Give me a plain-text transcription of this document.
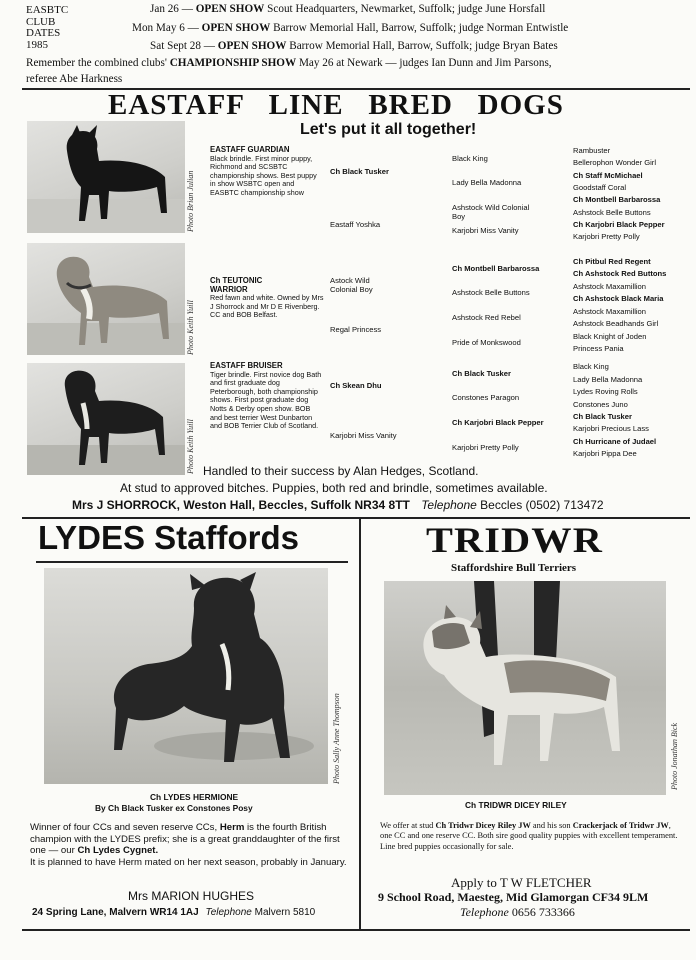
EASBTC
CLUB
DATES
1985
Jan 26 — OPEN SHOW Scout Headquarters, Newmarket, Suffolk; judge June Horsfall
Mon May 6 — OPEN SHOW Barrow Memorial Hall, Barrow, Suffolk; judge Norman Entwistle
Sat Sept 28 — OPEN SHOW Barrow Memorial Hall, Barrow, Suffolk; judge Bryan Bates
Remember the combined clubs' CHAMPIONSHIP SHOW May 26 at Newark — judges Ian Dunn and Jim Parsons,
referee Abe Harkness
EASTAFF   LINE   BRED   DOGS
Let's put it all together!
Photo Brian Julian
EASTAFF GUARDIAN
Black brindle. First minor puppy, Richmond and SCSBTC championship shows. Best puppy in show WSBTC open and EASBTC championship show
Ch Black Tusker
Eastaff Yoshka
Black King
Lady Bella Madonna
Ashstock Wild Colonial Boy
Karjobri Miss Vanity
Rambuster
Bellerophon Wonder Girl
Ch Staff McMichael
Goodstaff Coral
Ch Montbell Barbarossa
Ashstock Belle Buttons
Ch Karjobri Black Pepper
Karjobri Pretty Polly
Photo Keith Yuill
Ch TEUTONIC WARRIOR
Red fawn and white. Owned by Mrs J Shorrock and Mr D E Rivenberg. CC and BOB Belfast.
Astock Wild Colonial Boy
Regal Princess
Ch Montbell Barbarossa
Ashstock Belle Buttons
Ashstock Red Rebel
Pride of Monkswood
Ch Pitbul Red Regent
Ch Ashstock Red Buttons
Ashstock Maxamillion
Ch Ashstock Black Maria
Ashstock Maxamillion
Ashstock Beadhands Girl
Black Knight of Joden
Princess Pania
Photo Keith Yuill
EASTAFF BRUISER
Tiger brindle. First novice dog Bath and first graduate dog Peterborough, both championship shows. First post graduate dog Notts & Derby open show. BOB and best terrier West Dunbarton and BOB Terrier Club of Scotland.
Ch Skean Dhu
Karjobri Miss Vanity
Ch Black Tusker
Constones Paragon
Ch Karjobri Black Pepper
Karjobri Pretty Polly
Black King
Lady Bella Madonna
Lydes Roving Rolls
Constones Juno
Ch Black Tusker
Karjobri Precious Lass
Ch Hurricane of Judael
Karjobri Pippa Dee
Handled to their success by Alan Hedges, Scotland.
At stud to approved bitches. Puppies, both red and brindle, sometimes available.
Mrs J SHORROCK, Weston Hall, Beccles, Suffolk NR34 8TT Telephone Beccles (0502) 713472
LYDES Staffords
Photo Sally Anne Thompson
Ch LYDES HERMIONE
By Ch Black Tusker ex Constones Posy
Winner of four CCs and seven reserve CCs, Herm is the fourth British champion with the LYDES prefix; she is a great granddaughter of the first one — our Ch Lydes Cygnet.
It is planned to have Herm mated on her next season, probably in January.
Mrs MARION HUGHES
24 Spring Lane, Malvern WR14 1AJ Telephone Malvern 5810
TRIDWR
Staffordshire Bull Terriers
Photo Jonathan Bick
Ch TRIDWR DICEY RILEY
We offer at stud Ch Tridwr Dicey Riley JW and his son Crackerjack of Tridwr JW, one CC and one reserve CC. Both sire good quality puppies with excellent temperament.
Line bred puppies occasionally for sale.
Apply to T W FLETCHER
9 School Road, Maesteg, Mid Glamorgan CF34 9LM
Telephone 0656 733366
